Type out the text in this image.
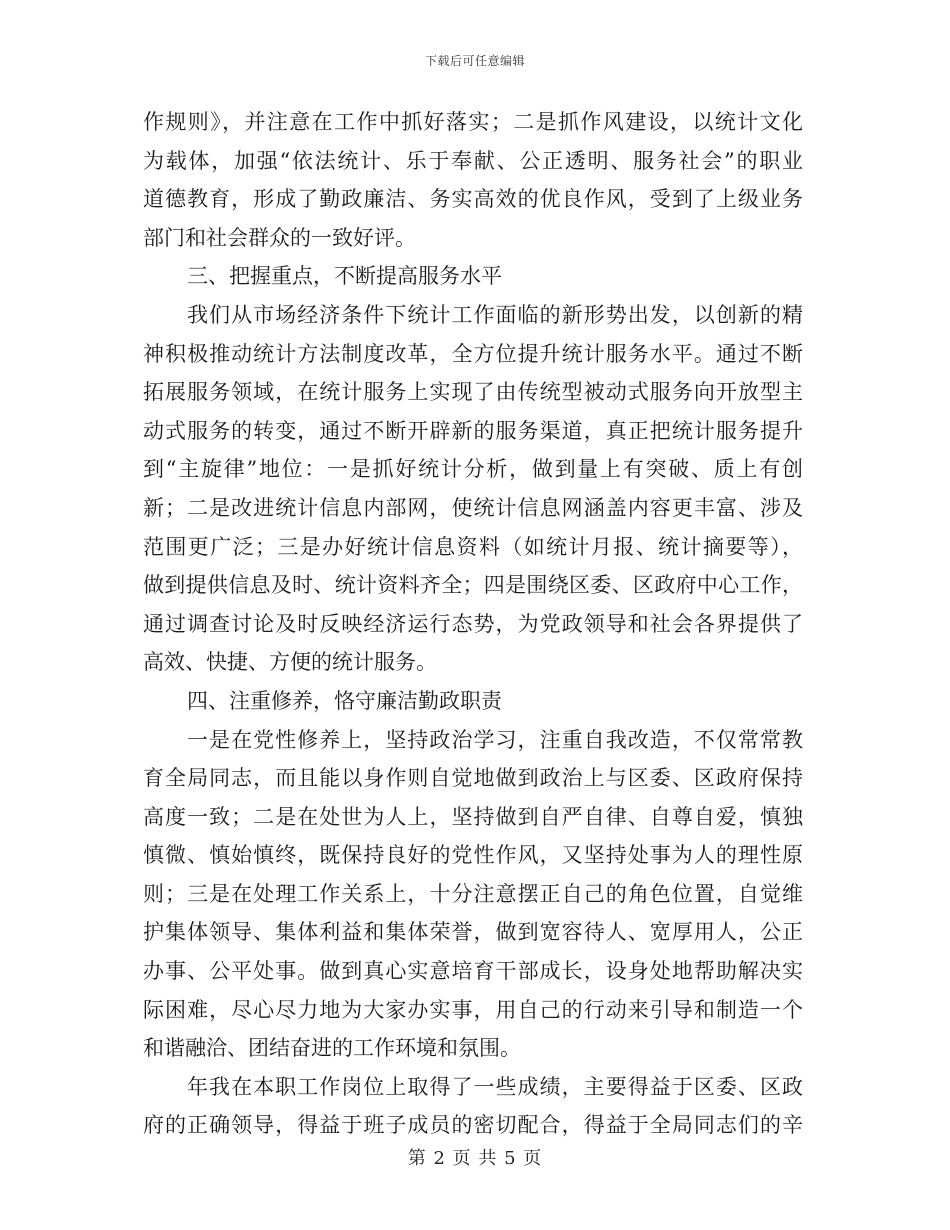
下载后可任意编辑
作规则》，并注意在工作中抓好落实；二是抓作风建设，以统计文化
为载体，加强“依法统计、乐于奉献、公正透明、服务社会”的职业
道德教育，形成了勤政廉洁、务实高效的优良作风，受到了上级业务
部门和社会群众的一致好评。
三、把握重点，不断提高服务水平
我们从市场经济条件下统计工作面临的新形势出发，以创新的精
神积极推动统计方法制度改革，全方位提升统计服务水平。通过不断
拓展服务领域，在统计服务上实现了由传统型被动式服务向开放型主
动式服务的转变，通过不断开辟新的服务渠道，真正把统计服务提升
到“主旋律”地位：一是抓好统计分析，做到量上有突破、质上有创
新；二是改进统计信息内部网，使统计信息网涵盖内容更丰富、涉及
范围更广泛；三是办好统计信息资料（如统计月报、统计摘要等），
做到提供信息及时、统计资料齐全；四是围绕区委、区政府中心工作，
通过调查讨论及时反映经济运行态势，为党政领导和社会各界提供了
高效、快捷、方便的统计服务。
四、注重修养，恪守廉洁勤政职责
一是在党性修养上，坚持政治学习，注重自我改造，不仅常常教
育全局同志，而且能以身作则自觉地做到政治上与区委、区政府保持
高度一致；二是在处世为人上，坚持做到自严自律、自尊自爱，慎独
慎微、慎始慎终，既保持良好的党性作风，又坚持处事为人的理性原
则；三是在处理工作关系上，十分注意摆正自己的角色位置，自觉维
护集体领导、集体利益和集体荣誉，做到宽容待人、宽厚用人，公正
办事、公平处事。做到真心实意培育干部成长，设身处地帮助解决实
际困难，尽心尽力地为大家办实事，用自己的行动来引导和制造一个
和谐融洽、团结奋进的工作环境和氛围。
年我在本职工作岗位上取得了一些成绩，主要得益于区委、区政
府的正确领导，得益于班子成员的密切配合，得益于全局同志们的辛
第 2 页 共 5 页
